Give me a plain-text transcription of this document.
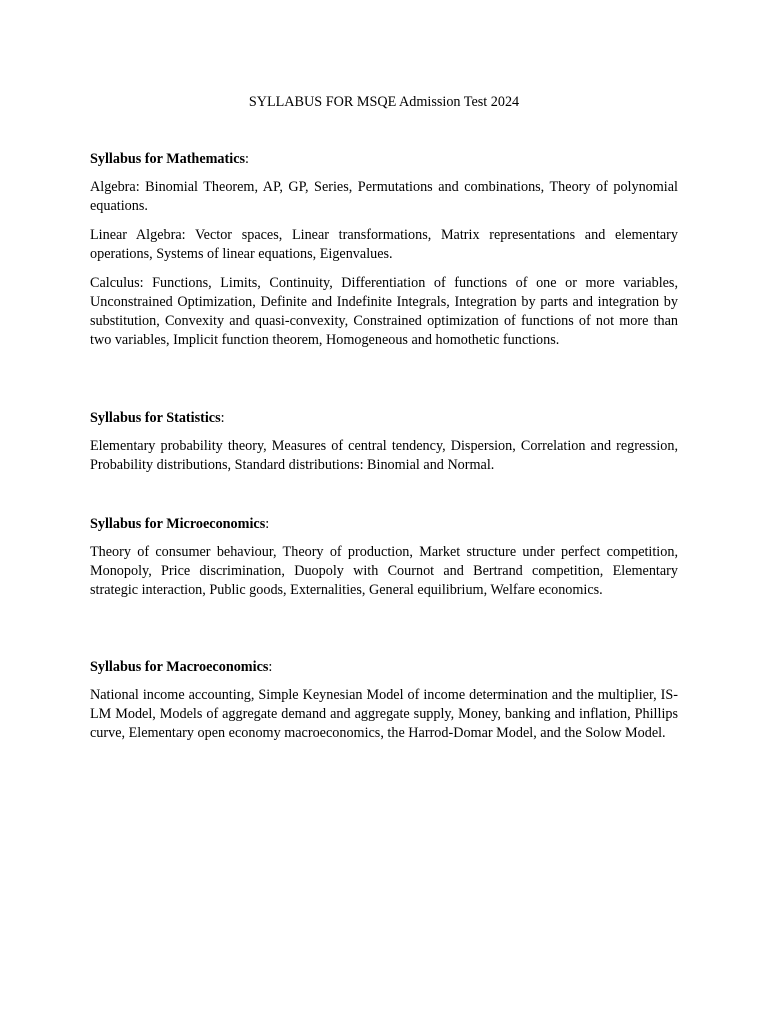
SYLLABUS FOR MSQE Admission Test 2024
Syllabus for Mathematics:

Algebra: Binomial Theorem, AP, GP, Series, Permutations and combinations, Theory of polynomial equations.

Linear Algebra: Vector spaces, Linear transformations, Matrix representations and elementary operations, Systems of linear equations, Eigenvalues.

Calculus: Functions, Limits, Continuity, Differentiation of functions of one or more variables, Unconstrained Optimization, Definite and Indefinite Integrals, Integration by parts and integration by substitution, Convexity and quasi-convexity, Constrained optimization of functions of not more than two variables, Implicit function theorem, Homogeneous and homothetic functions.

Syllabus for Statistics:

Elementary probability theory, Measures of central tendency, Dispersion, Correlation and regression, Probability distributions, Standard distributions: Binomial and Normal.

Syllabus for Microeconomics:

Theory of consumer behaviour, Theory of production, Market structure under perfect competition, Monopoly, Price discrimination, Duopoly with Cournot and Bertrand competition, Elementary strategic interaction, Public goods, Externalities, General equilibrium, Welfare economics.

Syllabus for Macroeconomics:

National income accounting, Simple Keynesian Model of income determination and the multiplier, IS-LM Model, Models of aggregate demand and aggregate supply, Money, banking and inflation, Phillips curve, Elementary open economy macroeconomics, the Harrod-Domar Model, and the Solow Model.
